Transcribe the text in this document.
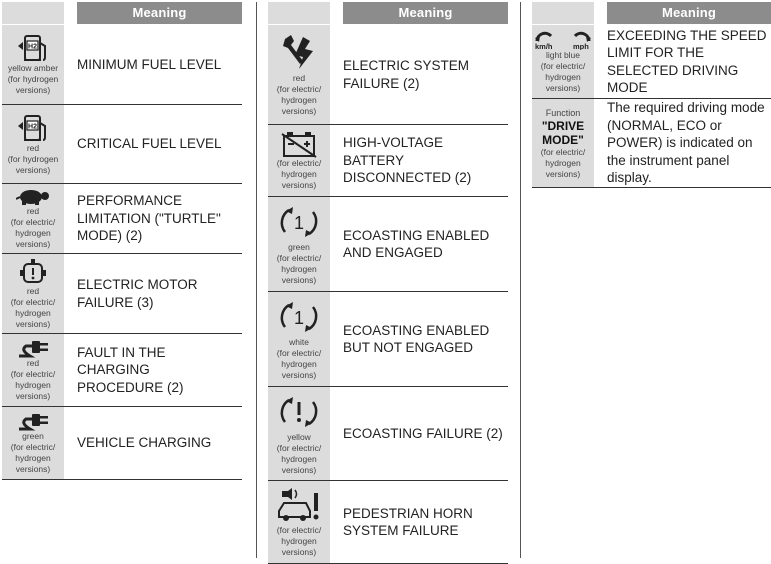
Meaning
H2
yellow amber
(for hydrogen
versions)
MINIMUM FUEL LEVEL
H2
red
(for hydrogen
versions)
CRITICAL FUEL LEVEL
red
(for electric/
hydrogen
versions)
PERFORMANCE LIMITATION ("TURTLE" MODE) (2)
red
(for electric/
hydrogen
versions)
ELECTRIC MOTOR FAILURE (3)
red
(for electric/
hydrogen
versions)
FAULT IN THE CHARGING PROCEDURE (2)
green
(for electric/
hydrogen
versions)
VEHICLE CHARGING
Meaning
red
(for electric/
hydrogen
versions)
ELECTRIC SYSTEM FAILURE (2)
(for electric/
hydrogen
versions)
HIGH-VOLTAGE BATTERY DISCONNECTED (2)
1
green
(for electric/
hydrogen
versions)
ECOASTING ENABLED AND ENGAGED
1
white
(for electric/
hydrogen
versions)
ECOASTING ENABLED BUT NOT ENGAGED
yellow
(for electric/
hydrogen
versions)
ECOASTING FAILURE (2)
(for electric/
hydrogen
versions)
PEDESTRIAN HORN SYSTEM FAILURE
Meaning
km/h	mph
light blue
(for electric/
hydrogen
versions)
EXCEEDING THE SPEED LIMIT FOR THE SELECTED DRIVING MODE
Function
"DRIVE
MODE"
(for electric/
hydrogen
versions)
The required driving mode (NORMAL, ECO or POWER) is indicated on the instrument panel display.
